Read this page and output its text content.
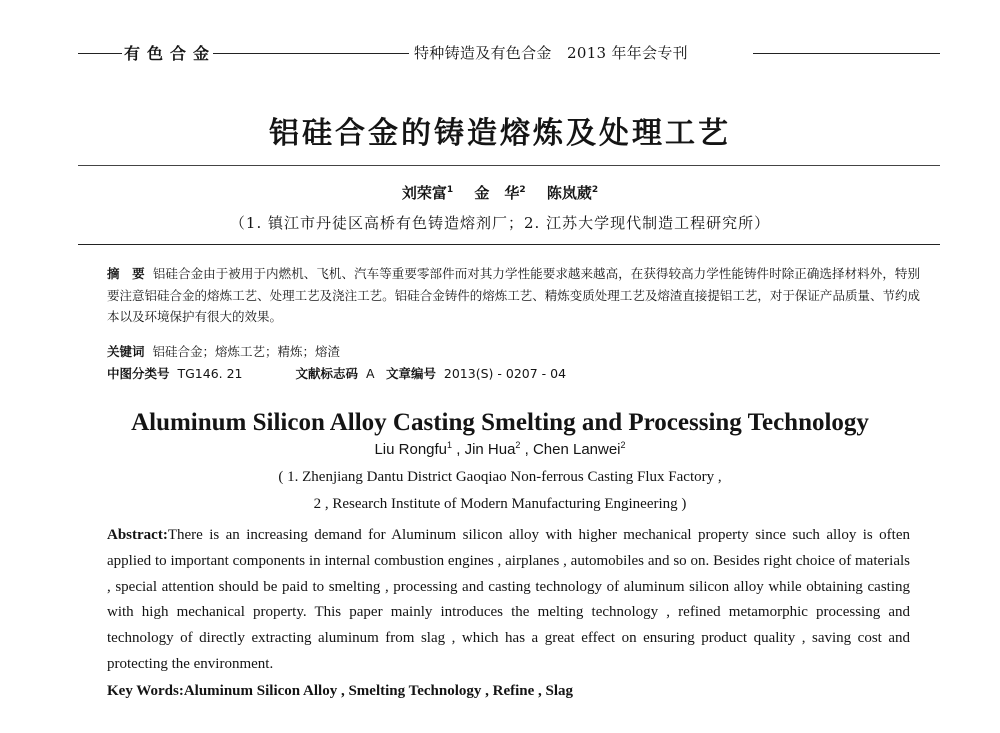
有色合金	特种铸造及有色合金　2013 年年会专刊
铝硅合金的铸造熔炼及处理工艺
刘荣富$^1$ 金　华$^2$ 陈岚葳$^2$
（1. 镇江市丹徒区高桥有色铸造熔剂厂；2. 江苏大学现代制造工程研究所）
摘　要 铝硅合金由于被用于内燃机、飞机、汽车等重要零部件而对其力学性能要求越来越高，在获得较高力学性能铸件时除正确选择材料外，特别要注意铝硅合金的熔炼工艺、处理工艺及浇注工艺。铝硅合金铸件的熔炼工艺、精炼变质处理工艺及熔渣直接提铝工艺，对于保证产品质量、节约成本以及环境保护有很大的效果。
关键词 铝硅合金；熔炼工艺；精炼；熔渣
中图分类号 TG146. 21	文献标志码 A 文章编号 2013(S) - 0207 - 04
Aluminum Silicon Alloy Casting Smelting and Processing Technology
Liu Rongfu$^1$ , Jin Hua$^2$ , Chen Lanwei$^2$
( 1. Zhenjiang Dantu District Gaoqiao Non-ferrous Casting Flux Factory ,
2 , Research Institute of Modern Manufacturing Engineering )
Abstract:There is an increasing demand for Aluminum silicon alloy with higher mechanical property since such alloy is often applied to important components in internal combustion engines , airplanes , automobiles and so on. Besides right choice of materials , special attention should be paid to smelting , processing and casting technology of aluminum silicon alloy while obtaining casting with high mechanical property. This paper mainly introduces the melting technology , refined metamorphic processing and technology of directly extracting aluminum from slag , which has a great effect on ensuring product quality , saving cost and protecting the environment.
Key Words:Aluminum Silicon Alloy , Smelting Technology , Refine , Slag
